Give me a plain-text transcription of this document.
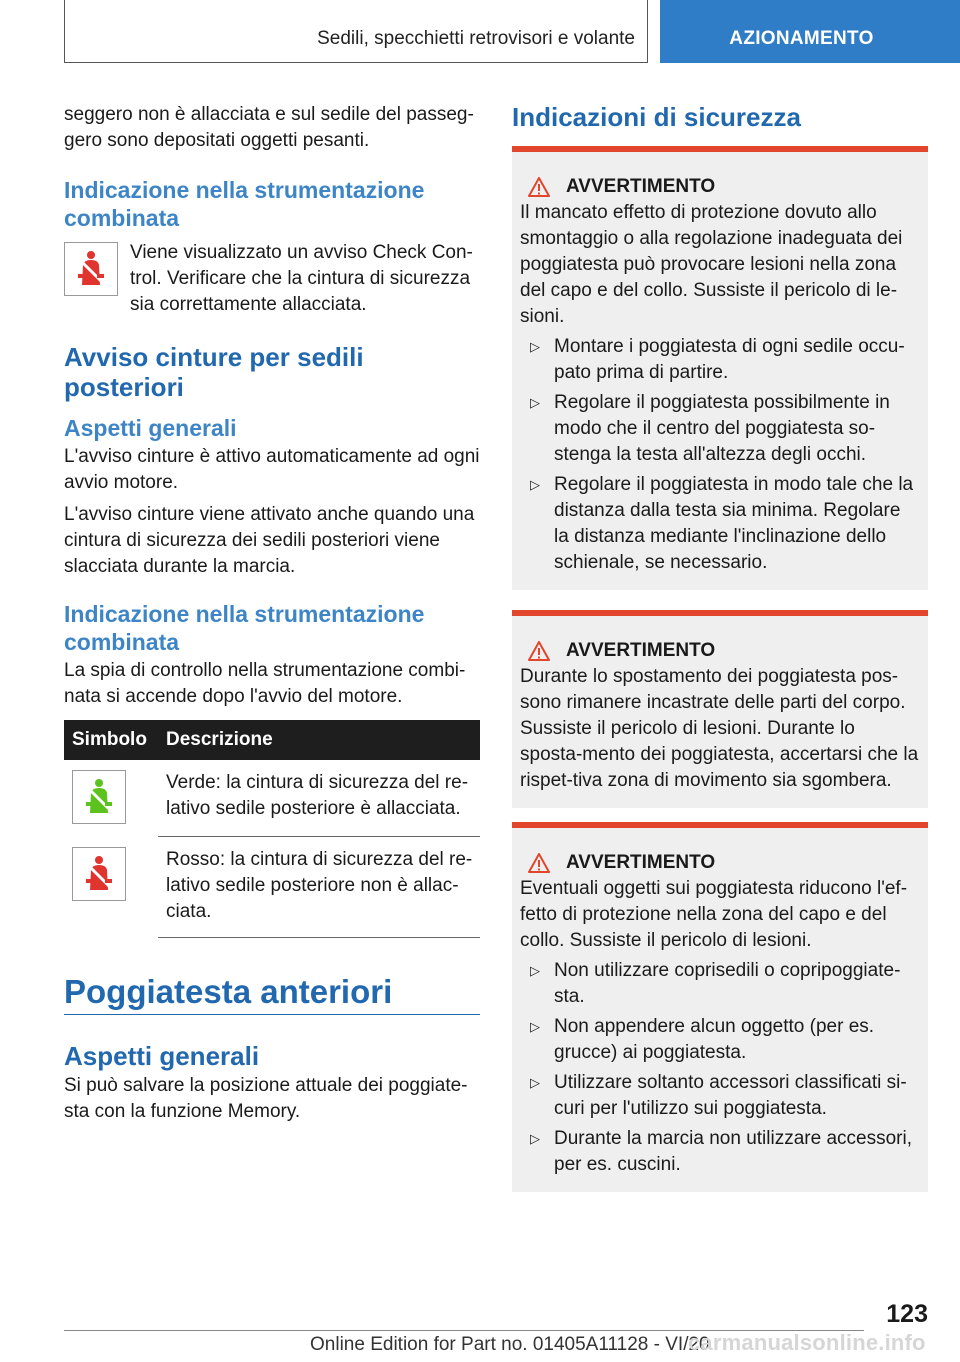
Sedili, specchietti retrovisori e volante	AZIONAMENTO

seggero non è allacciata e sul sedile del passeg-gero sono depositati oggetti pesanti.

Indicazione nella strumentazione combinata

Viene visualizzato un avviso Check Con-trol. Verificare che la cintura di sicurezza sia correttamente allacciata.

Avviso cinture per sedili posteriori
Aspetti generali

L'avviso cinture è attivo automaticamente ad ogni avvio motore.

L'avviso cinture viene attivato anche quando una cintura di sicurezza dei sedili posteriori viene slacciata durante la marcia.

Indicazione nella strumentazione combinata

La spia di controllo nella strumentazione combi-nata si accende dopo l'avvio del motore.

Simbolo	Descrizione

	Verde: la cintura di sicurezza del re-lativo sedile posteriore è allacciata.

	Rosso: la cintura di sicurezza del re-lativo sedile posteriore non è allac-ciata.
Poggiatesta anteriori
Aspetti generali

Si può salvare la posizione attuale dei poggiate-sta con la funzione Memory.

Indicazioni di sicurezza
AVVERTIMENTO

Il mancato effetto di protezione dovuto allo smontaggio o alla regolazione inadeguata dei poggiatesta può provocare lesioni nella zona del capo e del collo. Sussiste il pericolo di le-sioni.

▷ Montare i poggiatesta di ogni sedile occu-pato prima di partire.
▷ Regolare il poggiatesta possibilmente in modo che il centro del poggiatesta so-stenga la testa all'altezza degli occhi.
▷ Regolare il poggiatesta in modo tale che la distanza dalla testa sia minima. Regolare la distanza mediante l'inclinazione dello schienale, se necessario.
AVVERTIMENTO

Durante lo spostamento dei poggiatesta pos-sono rimanere incastrate delle parti del corpo. Sussiste il pericolo di lesioni. Durante lo sposta-mento dei poggiatesta, accertarsi che la rispet-tiva zona di movimento sia sgombera.

AVVERTIMENTO

Eventuali oggetti sui poggiatesta riducono l'ef-fetto di protezione nella zona del capo e del collo. Sussiste il pericolo di lesioni.

▷ Non utilizzare coprisedili o copripoggiate-sta.
▷ Non appendere alcun oggetto (per es. grucce) ai poggiatesta.
▷ Utilizzare soltanto accessori classificati si-curi per l'utilizzo sui poggiatesta.
▷ Durante la marcia non utilizzare accessori, per es. cuscini.
123
Online Edition for Part no. 01405A11128 - VI/20
carmanualsonline.info
